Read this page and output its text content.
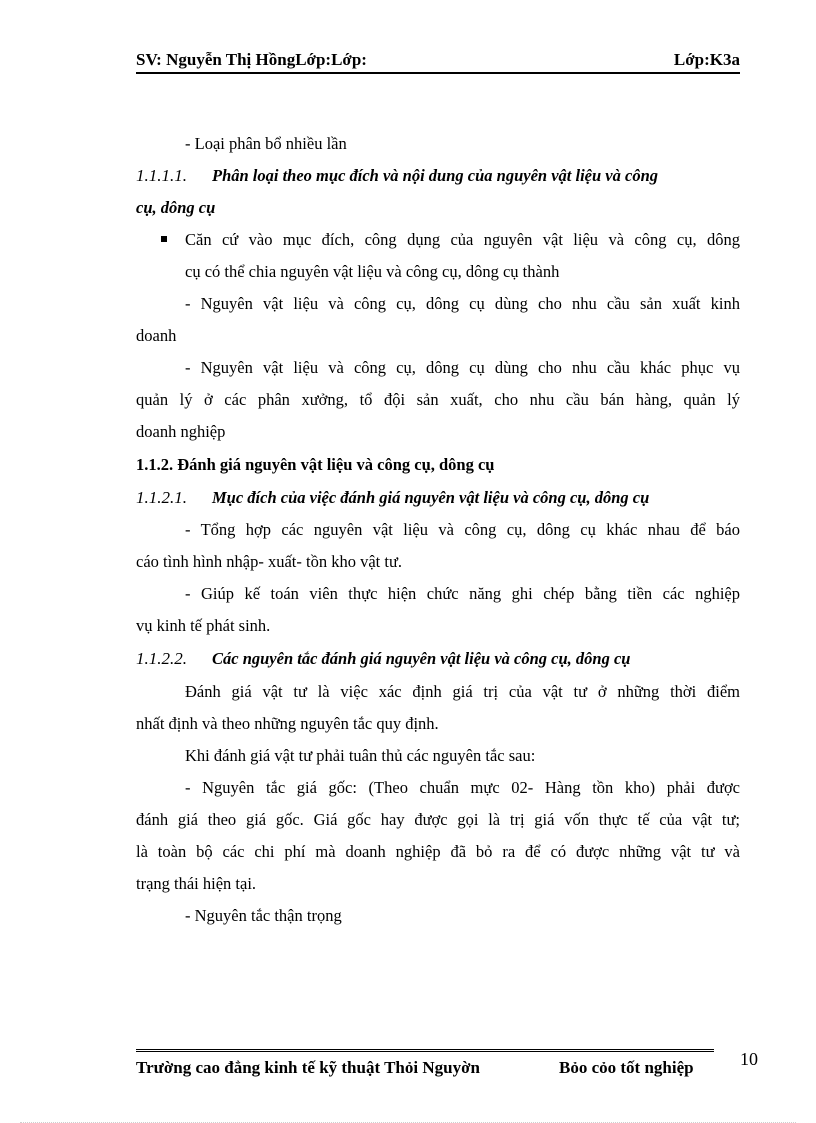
SV: Nguyễn Thị HồngLớp:Lớp:	Lớp:K3a
- Loại phân bổ nhiều lần
1.1.1.1. Phân loại theo mục đích và nội dung của nguyên vật liệu và công
cụ, dông cụ
Căn cứ vào mục đích, công dụng của nguyên vật liệu và công cụ, dông
cụ có thể chia nguyên vật liệu và công cụ, dông cụ thành
- Nguyên vật liệu và công cụ, dông cụ dùng cho nhu cầu sản xuất kinh
doanh
- Nguyên vật liệu và công cụ, dông cụ dùng cho nhu cầu khác phục vụ
quản lý ở các phân xưởng, tổ đội sản xuất, cho nhu cầu bán hàng, quản lý
doanh nghiệp
1.1.2. Đánh giá nguyên vật liệu và công cụ, dông cụ
1.1.2.1. Mục đích của việc đánh giá nguyên vật liệu và công cụ, dông cụ
- Tổng hợp các nguyên vật liệu và công cụ, dông cụ khác nhau để báo
cáo tình hình nhập- xuất- tồn kho vật tư.
- Giúp kế toán viên thực hiện chức năng ghi chép bằng tiền các nghiệp
vụ kinh tế phát sinh.
1.1.2.2. Các nguyên tắc đánh giá nguyên vật liệu và công cụ, dông cụ
Đánh giá vật tư là việc xác định giá trị của vật tư ở những thời điểm
nhất định và theo những nguyên tắc quy định.
Khi đánh giá vật tư phải tuân thủ các nguyên tắc sau:
- Nguyên tắc giá gốc: (Theo chuẩn mực 02- Hàng tồn kho) phải được
đánh giá theo giá gốc. Giá gốc hay được gọi là trị giá vốn thực tế của vật tư;
là toàn bộ các chi phí mà doanh nghiệp đã bỏ ra để có được những vật tư và
trạng thái hiện tại.
- Nguyên tắc thận trọng
Trường cao đẳng kinh tế kỹ thuật Thỏi Nguyờn	Bỏo cỏo tốt nghiệp	10
